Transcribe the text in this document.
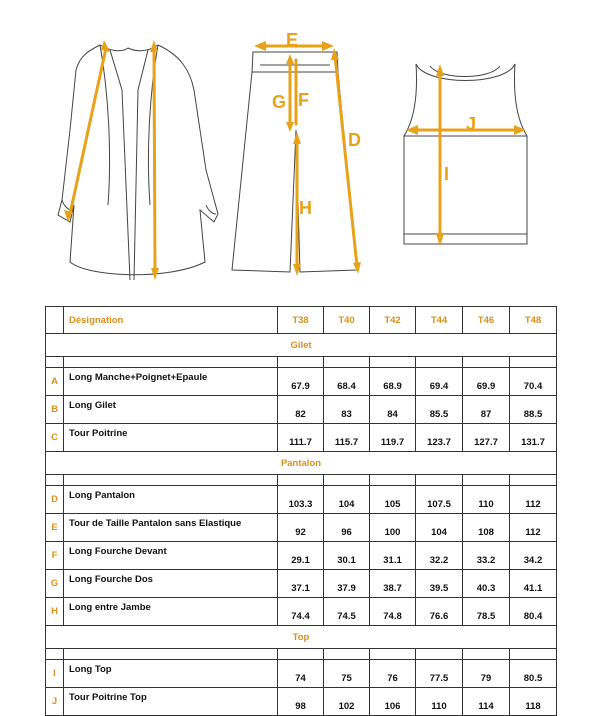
E
G F
H
D
J
I
	Désignation	T38	T40	T42	T44	T46	T48
Gilet							

A	Long Manche+Poignet+Epaule	67.9	68.4	68.9	69.4	69.9	70.4
B	Long Gilet	82	83	84	85.5	87	88.5
C	Tour Poitrine	111.7	115.7	119.7	123.7	127.7	131.7
Pantalon							

D	Long Pantalon	103.3	104	105	107.5	110	112
E	Tour de Taille Pantalon sans Elastique	92	96	100	104	108	112
F	Long Fourche Devant	29.1	30.1	31.1	32.2	33.2	34.2
G	Long Fourche Dos	37.1	37.9	38.7	39.5	40.3	41.1
H	Long entre Jambe	74.4	74.5	74.8	76.6	78.5	80.4
Top							

I	Long Top	74	75	76	77.5	79	80.5
J	Tour Poitrine Top	98	102	106	110	114	118
